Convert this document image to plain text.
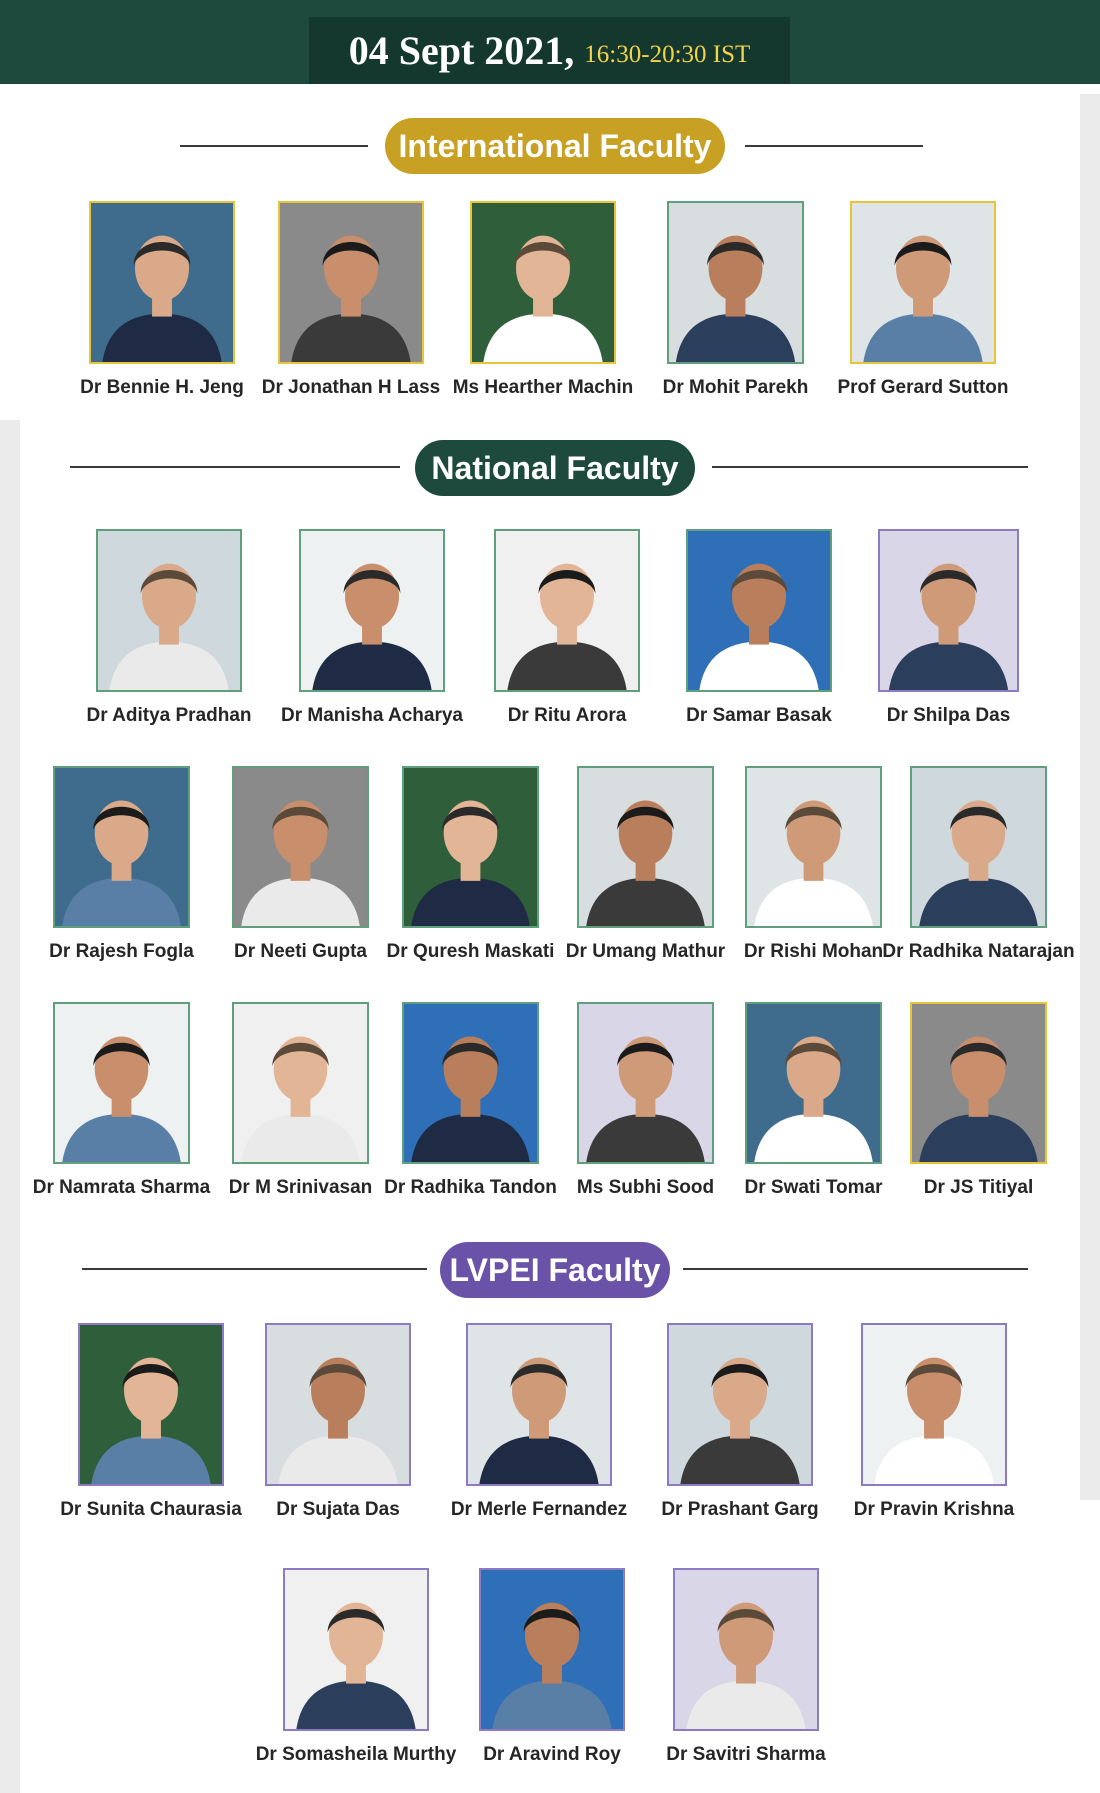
04 Sept 2021, 16:30-20:30 IST
International Faculty
National Faculty
LVPEI Faculty
Dr Bennie H. Jeng Dr Jonathan H Lass Ms Hearther Machin	Dr Mohit Parekh	Prof Gerard Sutton
Dr Aditya Pradhan	Dr Manisha Acharya	Dr Ritu Arora	Dr Samar Basak	Dr Shilpa Das
Dr Rajesh Fogla	Dr Neeti Gupta	Dr Quresh Maskati Dr Umang Mathur Dr Rishi Mohan Dr Radhika Natarajan
Dr Namrata Sharma Dr M Srinivasan Dr Radhika Tandon	Ms Subhi Sood	Dr Swati Tomar	Dr JS Titiyal
Dr Sunita Chaurasia	Dr Sujata Das	Dr Merle Fernandez	Dr Prashant Garg	Dr Pravin Krishna
Dr Somasheila Murthy	Dr Aravind Roy	Dr Savitri Sharma
